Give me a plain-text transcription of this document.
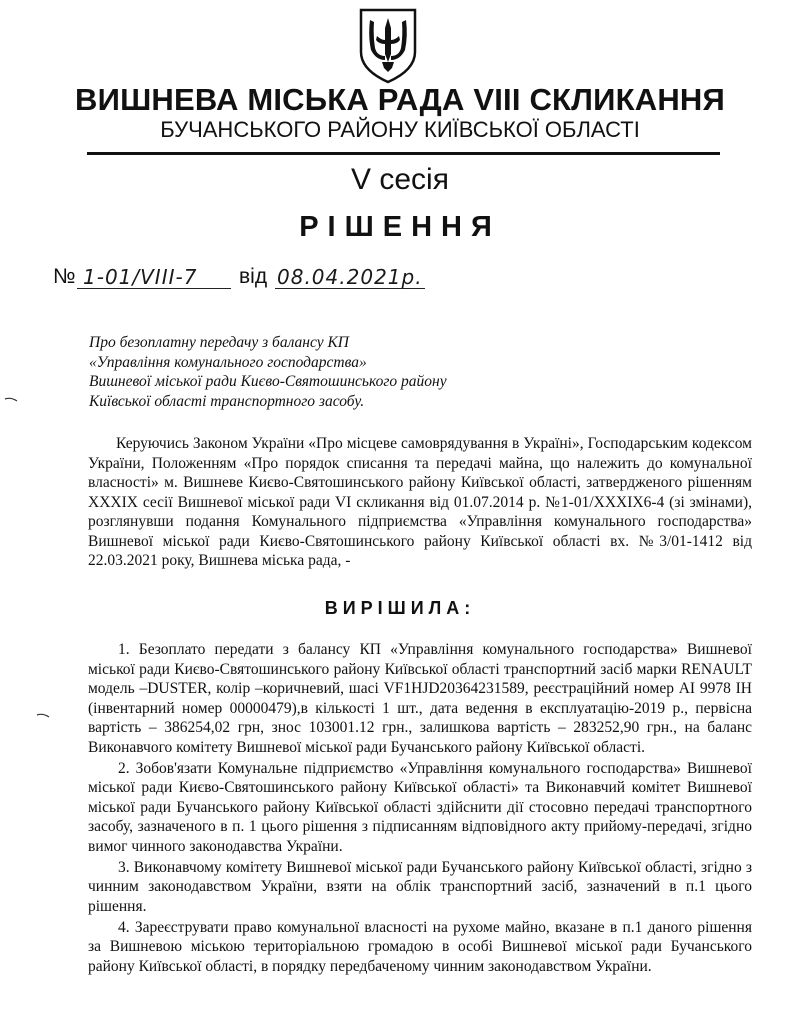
ВИШНЕВА МІСЬКА РАДА VIII СКЛИКАННЯ
БУЧАНСЬКОГО РАЙОНУ КИЇВСЬКОЇ ОБЛАСТІ
V сесія
РІШЕННЯ
№ 1-01/VIII-7 від 08.04.2021р.
Про безоплатну передачу з балансу КП
«Управління комунального господарства»
Вишневої міської ради Києво-Святошинського району
Київської області транспортного засобу.

Керуючись Законом України «Про місцеве самоврядування в Україні», Господарським кодексом України, Положенням «Про порядок списання та передачі майна, що належить до комунальної власності» м. Вишневе Києво-Святошинського району Київської області, затвердженого рішенням XXXIX сесії Вишневої міської ради VI скликання від 01.07.2014 р. №1-01/XXXIX6-4 (зі змінами), розглянувши подання Комунального підприємства «Управління комунального господарства» Вишневої міської ради Києво-Святошинського району Київської області вх. №3/01-1412 від 22.03.2021 року, Вишнева міська рада, -

ВИРІШИЛА:

1. Безоплато передати з балансу КП «Управління комунального господарства» Вишневої міської ради Києво-Святошинського району Київської області транспортний засіб марки RENAULT модель –DUSTER, колір –коричневий, шасі VF1HJD20364231589, реєстраційний номер АІ 9978 ІН (інвентарний номер 00000479),в кількості 1 шт., дата ведення в експлуатацію-2019 р., первісна вартість – 386254,02 грн, знос 103001.12 грн., залишкова вартість – 283252,90 грн., на баланс Виконавчого комітету Вишневої міської ради Бучанського району Київської області.

2. Зобов'язати Комунальне підприємство «Управління комунального господарства» Вишневої міської ради Києво-Святошинського району Київської області» та Виконавчий комітет Вишневої міської ради Бучанського району Київської області здійснити дії стосовно передачі транспортного засобу, зазначеного в п. 1 цього рішення з підписанням відповідного акту прийому-передачі, згідно вимог чинного законодавства України.

3. Виконавчому комітету Вишневої міської ради Бучанського району Київської області, згідно з чинним законодавством України, взяти на облік транспортний засіб, зазначений в п.1 цього рішення.

4. Зареєструвати право комунальної власності на рухоме майно, вказане в п.1 даного рішення за Вишневою міською територіальною громадою в особі Вишневої міської ради Бучанського району Київської області, в порядку передбаченому чинним законодавством України.
